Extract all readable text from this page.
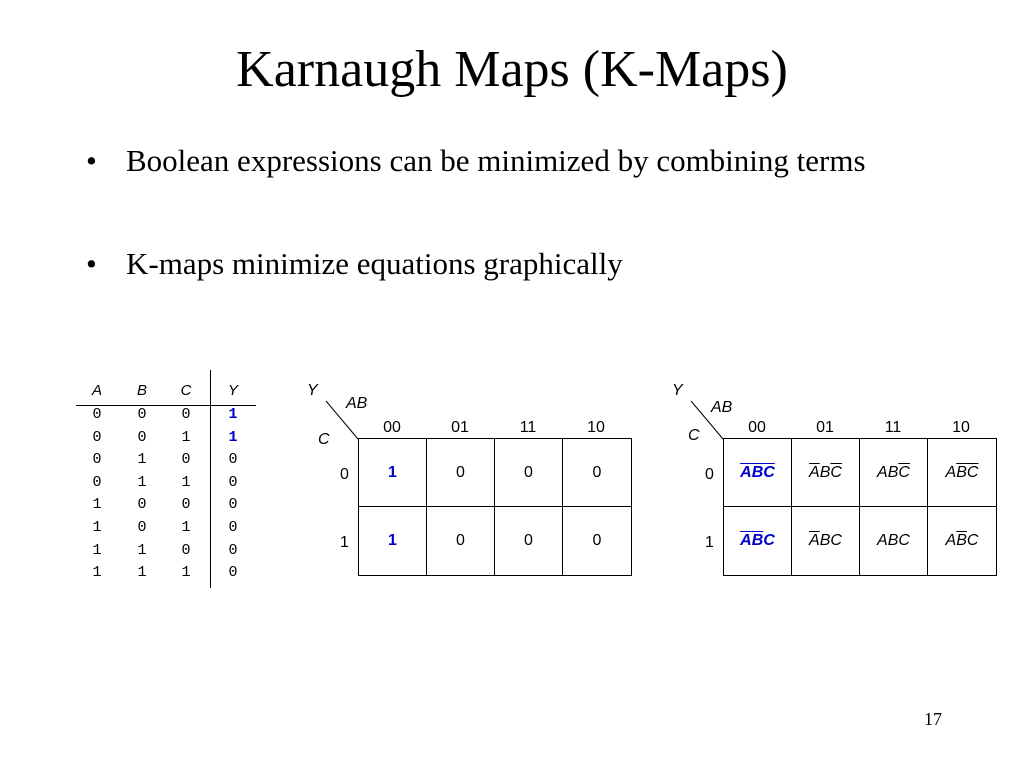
Karnaugh Maps (K-Maps)
• Boolean expressions can be minimized by combining terms
• K-maps minimize equations graphically
A	B	C	Y
0	0	0	1
0	0	1	1
0	1	0	0
0	1	1	0
1	0	0	0
1	0	1	0
1	1	0	0
1	1	1	0
Y
AB
C
00	01	11	10
0
1
1	0	0	0
1	0	0	0
Y
AB
C	00	01	11	10
0
1
$\overline{A}\overline{B}\overline{C}$ $\overline{A}B\overline{C}$ $AB\overline{C}$ $A\overline{B}\overline{C}$
$\overline{A}\overline{B}C$ $\overline{A}BC$ ABC $A\overline{B}C$
17
